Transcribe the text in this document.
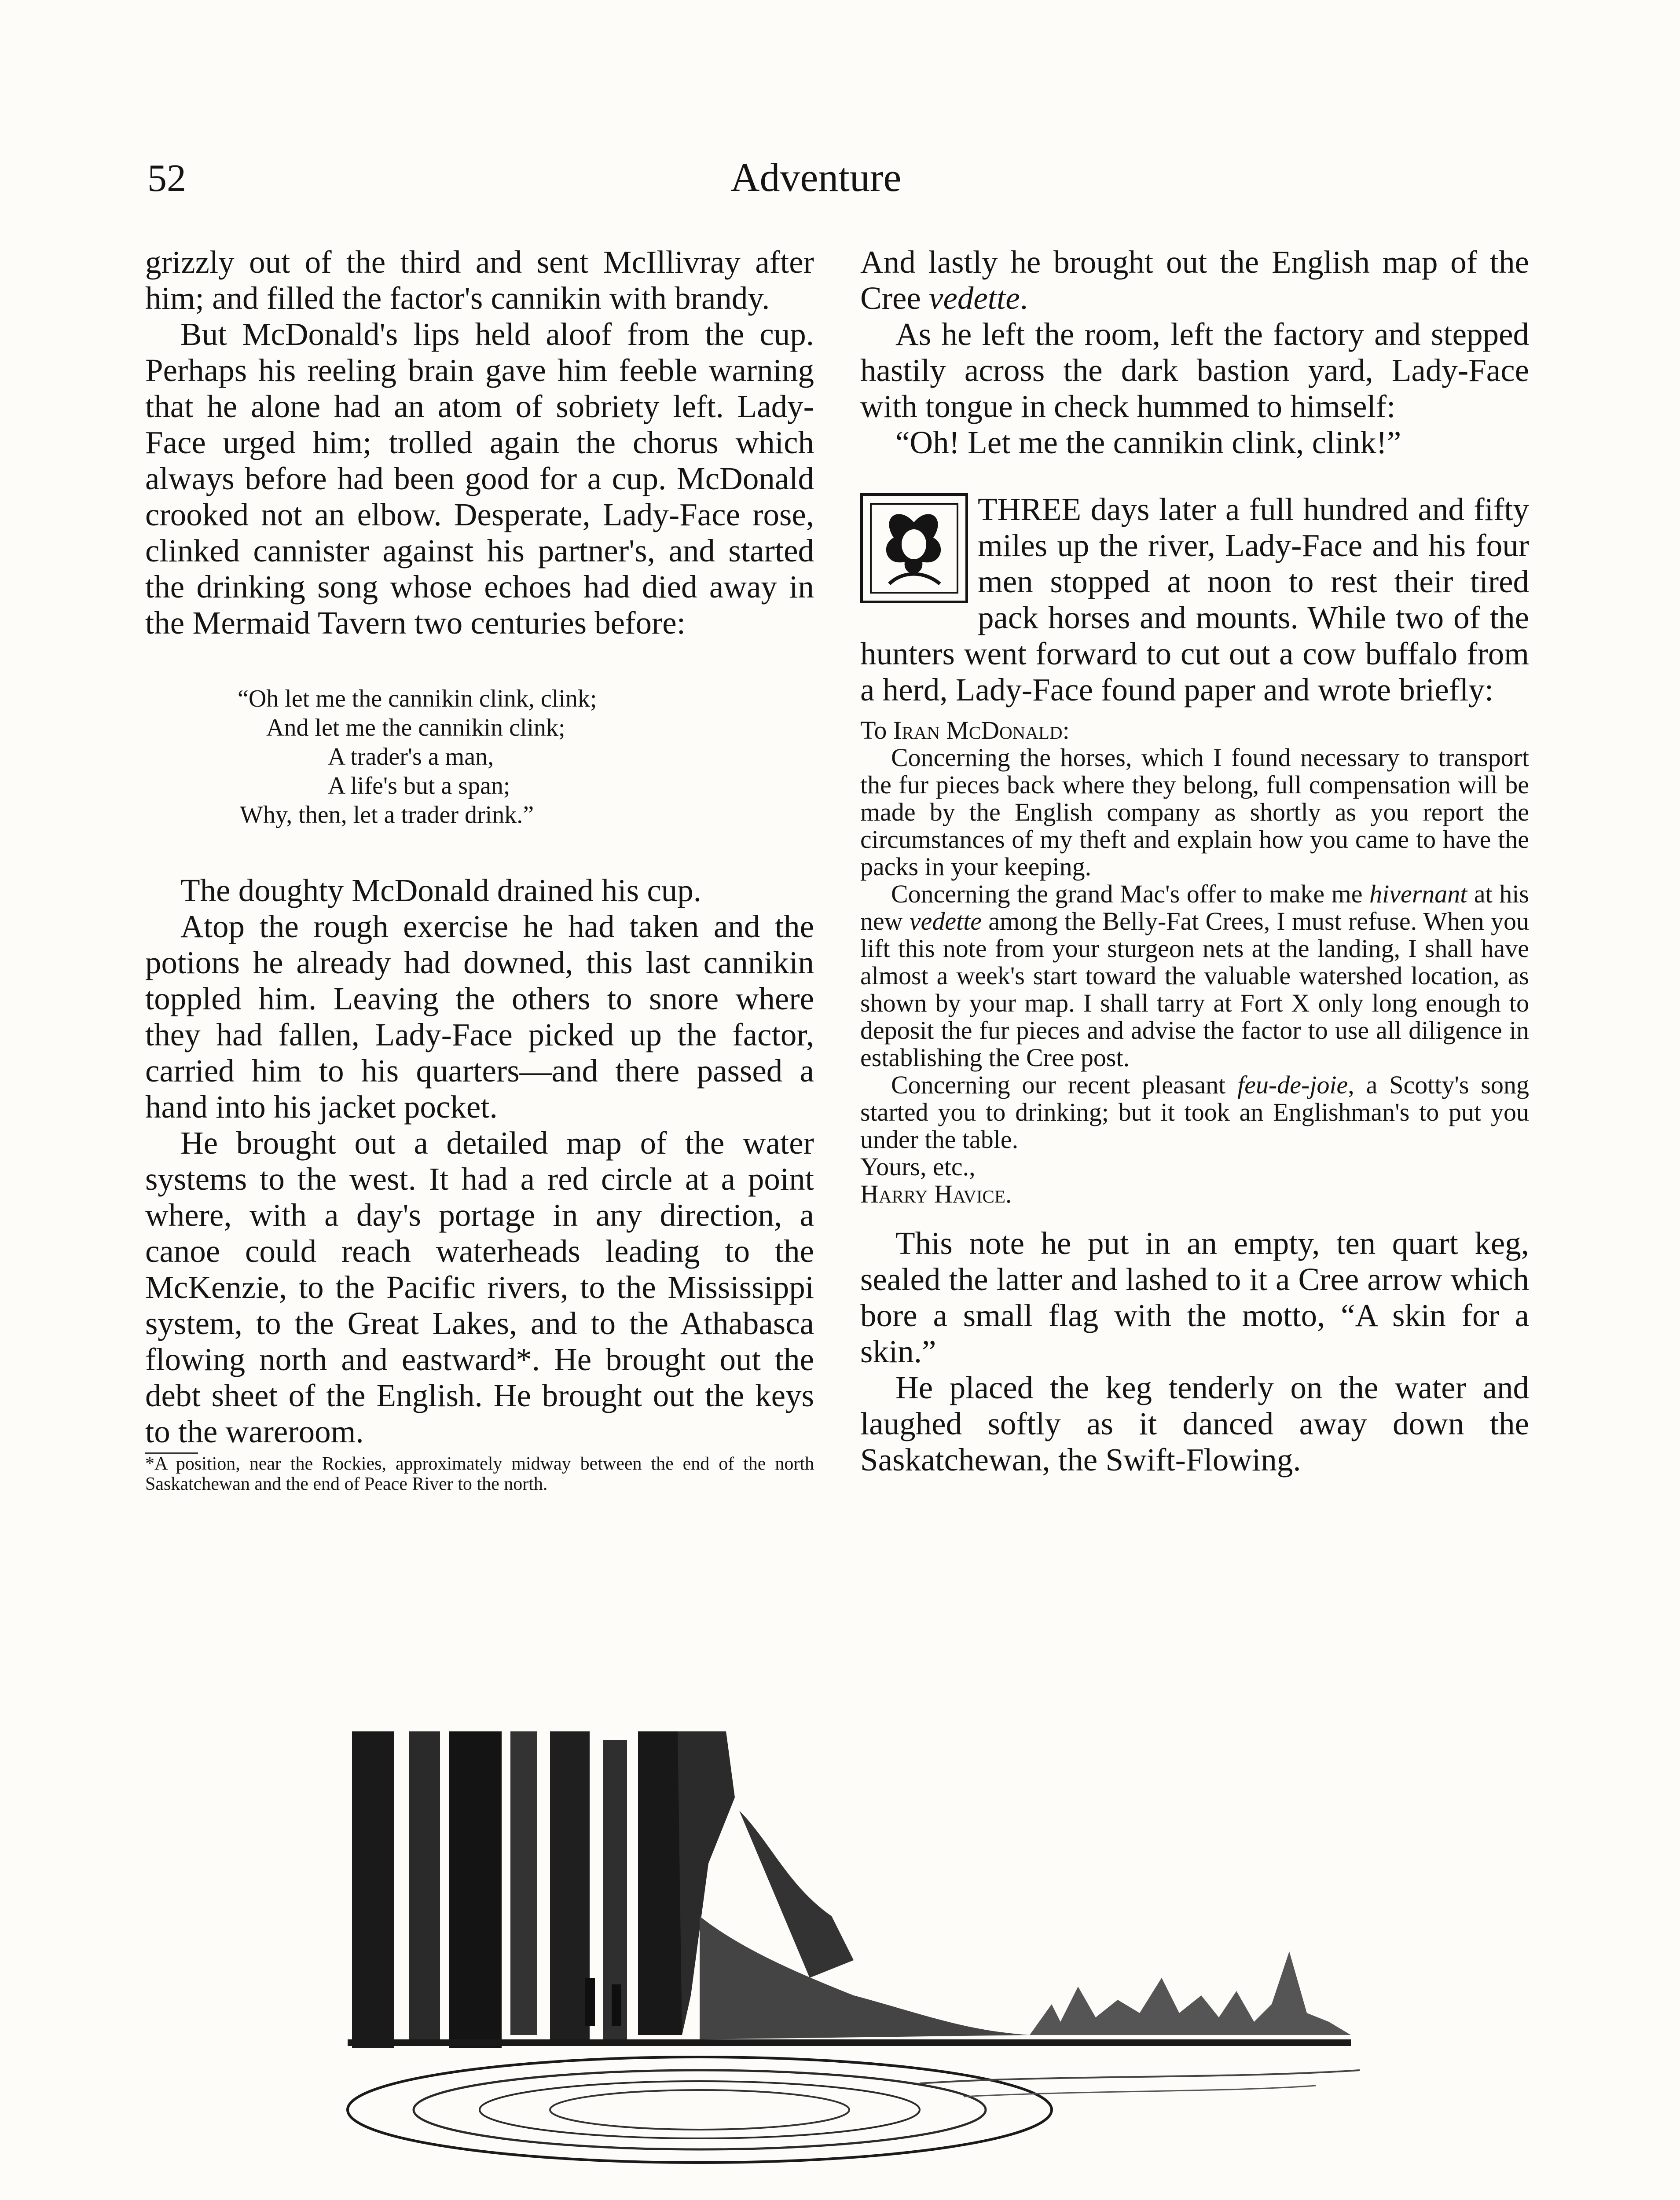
52	Adventure

grizzly out of the third and sent McIllivray after him; and filled the factor's cannikin with brandy.

But McDonald's lips held aloof from the cup. Perhaps his reeling brain gave him feeble warning that he alone had an atom of sobriety left. Lady-Face urged him; trolled again the chorus which always before had been good for a cup. McDonald crooked not an elbow. Desperate, Lady-Face rose, clinked cannister against his partner's, and started the drinking song whose echoes had died away in the Mermaid Tavern two centuries before:

“Oh let me the cannikin clink, clink;
And let me the cannikin clink;
A trader's a man,
A life's but a span;
Why, then, let a trader drink.”

The doughty McDonald drained his cup.

Atop the rough exercise he had taken and the potions he already had downed, this last cannikin toppled him. Leaving the others to snore where they had fallen, Lady-Face picked up the factor, carried him to his quarters—and there passed a hand into his jacket pocket.

He brought out a detailed map of the water systems to the west. It had a red circle at a point where, with a day's portage in any direction, a canoe could reach waterheads leading to the McKenzie, to the Pacific rivers, to the Mississippi system, to the Great Lakes, and to the Athabasca flowing north and eastward*. He brought out the debt sheet of the English. He brought out the keys to the wareroom.

*A position, near the Rockies, approximately midway between the end of the north Saskatchewan and the end of Peace River to the north.

And lastly he brought out the English map of the Cree vedette.

As he left the room, left the factory and stepped hastily across the dark bastion yard, Lady-Face with tongue in check hummed to himself:

“Oh! Let me the cannikin clink, clink!”

THREE days later a full hundred and fifty miles up the river, Lady-Face and his four men stopped at noon to rest their tired pack horses and mounts. While two of the hunters went forward to cut out a cow buffalo from a herd, Lady-Face found paper and wrote briefly:

To Iran McDonald:

Concerning the horses, which I found necessary to transport the fur pieces back where they belong, full compensation will be made by the English company as shortly as you report the circumstances of my theft and explain how you came to have the packs in your keeping.

Concerning the grand Mac's offer to make me hivernant at his new vedette among the Belly-Fat Crees, I must refuse. When you lift this note from your sturgeon nets at the landing, I shall have almost a week's start toward the valuable watershed location, as shown by your map. I shall tarry at Fort X only long enough to deposit the fur pieces and advise the factor to use all diligence in establishing the Cree post.

Concerning our recent pleasant feu-de-joie, a Scotty's song started you to drinking; but it took an Englishman's to put you under the table.

Yours, etc.,

Harry Havice.

This note he put in an empty, ten quart keg, sealed the latter and lashed to it a Cree arrow which bore a small flag with the motto, “A skin for a skin.”

He placed the keg tenderly on the water and laughed softly as it danced away down the Saskatchewan, the Swift-Flowing.
